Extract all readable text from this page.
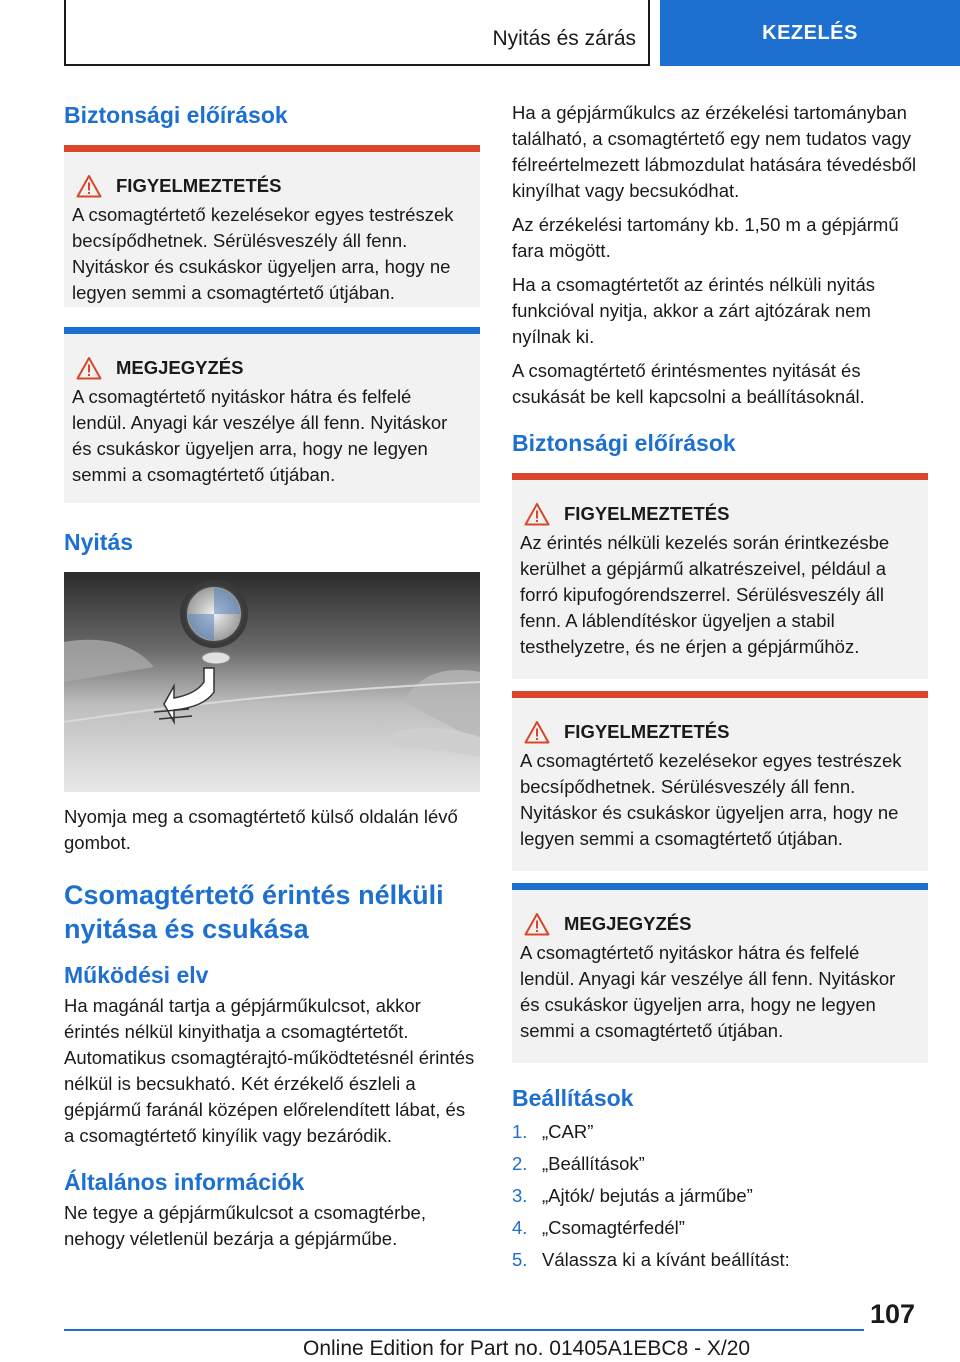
Nyitás és zárás	KEZELÉS
Biztonsági előírások
FIGYELMEZTETÉS

A csomagtértető kezelésekor egyes testrészek becsípődhetnek. Sérülésveszély áll fenn. Nyitáskor és csukáskor ügyeljen arra, hogy ne legyen semmi a csomagtértető útjában.

MEGJEGYZÉS

A csomagtértető nyitáskor hátra és felfelé lendül. Anyagi kár veszélye áll fenn. Nyitáskor és csukáskor ügyeljen arra, hogy ne legyen semmi a csomagtértető útjában.

Nyitás

Nyomja meg a csomagtértető külső oldalán lévő gombot.

Csomagtértető érintés nélküli nyitása és csukása
Működési elv

Ha magánál tartja a gépjárműkulcsot, akkor érintés nélkül kinyithatja a csomagtértetőt. Automatikus csomagtérajtó-működtetésnél érintés nélkül is becsukható. Két érzékelő észleli a gépjármű faránál középen előrelendített lábat, és a csomagtértető kinyílik vagy bezáródik.

Általános információk

Ne tegye a gépjárműkulcsot a csomagtérbe, nehogy véletlenül bezárja a gépjárműbe.

Ha a gépjárműkulcs az érzékelési tartományban található, a csomagtértető egy nem tudatos vagy félreértelmezett lábmozdulat hatására tévedésből kinyílhat vagy becsukódhat.

Az érzékelési tartomány kb. 1,50 m a gépjármű fara mögött.

Ha a csomagtértetőt az érintés nélküli nyitás funkcióval nyitja, akkor a zárt ajtózárak nem nyílnak ki.

A csomagtértető érintésmentes nyitását és csukását be kell kapcsolni a beállításoknál.

Biztonsági előírások
FIGYELMEZTETÉS

Az érintés nélküli kezelés során érintkezésbe kerülhet a gépjármű alkatrészeivel, például a forró kipufogórendszerrel. Sérülésveszély áll fenn. A láblendítéskor ügyeljen a stabil testhelyzetre, és ne érjen a gépjárműhöz.

FIGYELMEZTETÉS

A csomagtértető kezelésekor egyes testrészek becsípődhetnek. Sérülésveszély áll fenn. Nyitáskor és csukáskor ügyeljen arra, hogy ne legyen semmi a csomagtértető útjában.

MEGJEGYZÉS

A csomagtértető nyitáskor hátra és felfelé lendül. Anyagi kár veszélye áll fenn. Nyitáskor és csukáskor ügyeljen arra, hogy ne legyen semmi a csomagtértető útjában.

Beállítások
1. „CAR”
2. „Beállítások”
3. „Ajtók/ bejutás a járműbe”
4. „Csomagtérfedél”
5. Válassza ki a kívánt beállítást:
107
Online Edition for Part no. 01405A1EBC8 - X/20
